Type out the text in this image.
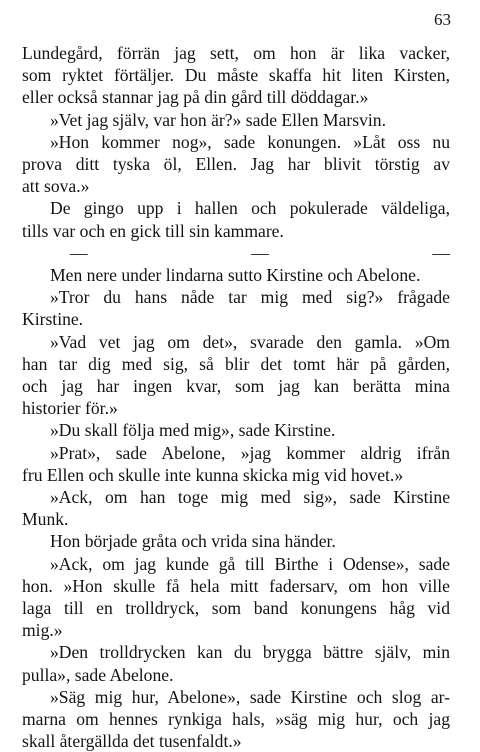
63
Lundegård, förrän jag sett, om hon är lika vacker,
som ryktet förtäljer. Du måste skaffa hit liten Kirsten,
eller också stannar jag på din gård till döddagar.»
»Vet jag själv, var hon är?» sade Ellen Marsvin.
»Hon kommer nog», sade konungen. »Låt oss nu
prova ditt tyska öl, Ellen. Jag har blivit törstig av
att sova.»
De gingo upp i hallen och pokulerade väldeliga,
tills var och en gick till sin kammare.
— — —
Men nere under lindarna sutto Kirstine och Abelone.
»Tror du hans nåde tar mig med sig?» frågade
Kirstine.
»Vad vet jag om det», svarade den gamla. »Om
han tar dig med sig, så blir det tomt här på gården,
och jag har ingen kvar, som jag kan berätta mina
historier för.»
»Du skall följa med mig», sade Kirstine.
»Prat», sade Abelone, »jag kommer aldrig ifrån
fru Ellen och skulle inte kunna skicka mig vid hovet.»
»Ack, om han toge mig med sig», sade Kirstine
Munk.
Hon började gråta och vrida sina händer.
»Ack, om jag kunde gå till Birthe i Odense», sade
hon. »Hon skulle få hela mitt fadersarv, om hon ville
laga till en trolldryck, som band konungens håg vid
mig.»
»Den trolldrycken kan du brygga bättre själv, min
pulla», sade Abelone.
»Säg mig hur, Abelone», sade Kirstine och slog ar-
marna om hennes rynkiga hals, »säg mig hur, och jag
skall återgällda det tusenfaldt.»
